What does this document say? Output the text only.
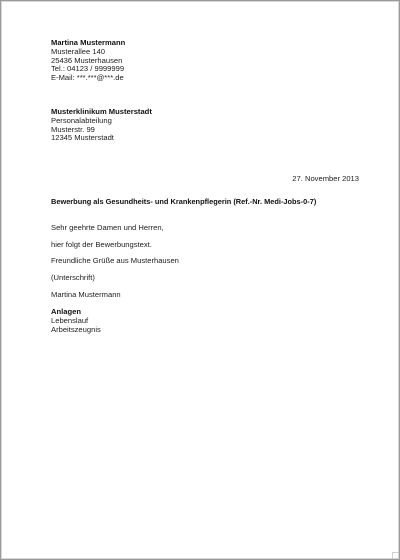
Martina Mustermann
Musterallee 140
25436 Musterhausen
Tel.: 04123 / 9999999
E-Mail: ***.***@***.de
Musterklinikum Musterstadt
Personalabteilung
Musterstr. 99
12345 Musterstadt
27. November 2013
Bewerbung als Gesundheits- und Krankenpflegerin (Ref.-Nr. Medi-Jobs-0-7)
Sehr geehrte Damen und Herren,
hier folgt der Bewerbungstext.
Freundliche Grüße aus Musterhausen
(Unterschrift)
Martina Mustermann
Anlagen
Lebenslauf
Arbeitszeugnis
